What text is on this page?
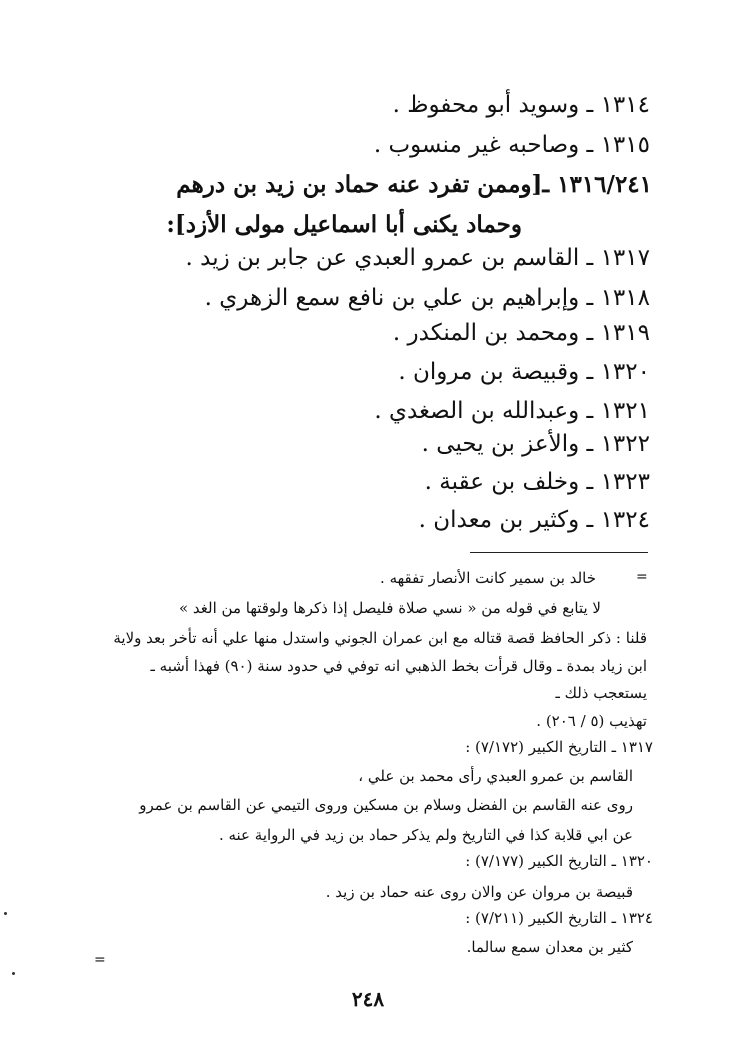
١٣١٤ ـ وسويد أبو محفوظ .
١٣١٥ ـ وصاحبه غير منسوب .
١٣١٦/٢٤١ ـ[وممن تفرد عنه حماد بن زيد بن درهم
وحماد يكنى أبا اسماعيل مولى الأزد]:
١٣١٧ ـ القاسم بن عمرو العبدي عن جابر بن زيد .
١٣١٨ ـ وإبراهيم بن علي بن نافع سمع الزهري .
١٣١٩ ـ ومحمد بن المنكدر .
١٣٢٠ ـ وقبيصة بن مروان .
١٣٢١ ـ وعبدالله بن الصغدي .
١٣٢٢ ـ والأعز بن يحيى .
١٣٢٣ ـ وخلف بن عقبة .
١٣٢٤ ـ وكثير بن معدان .
=
خالد بن سمير كانت الأنصار تفقهه .
لا يتابع في قوله من « نسي صلاة فليصل إذا ذكرها ولوقتها من الغد »
قلنا : ذكر الحافظ قصة قتاله مع ابن عمران الجوني واستدل منها علي أنه تأخر بعد ولاية
ابن زياد بمدة ـ وقال قرأت بخط الذهبي انه توفي في حدود سنة (٩٠) فهذا أشبه ـ
يستعجب ذلك ـ
تهذيب (٥ / ٢٠٦) .
١٣١٧ ـ التاريخ الكبير (٧/١٧٢) :
القاسم بن عمرو العبدي رأى محمد بن علي ،
روى عنه القاسم بن الفضل وسلام بن مسكين وروى التيمي عن القاسم بن عمرو
عن ابي قلابة كذا في التاريخ ولم يذكر حماد بن زيد في الرواية عنه .
١٣٢٠ ـ التاريخ الكبير (٧/١٧٧) :
قبيصة بن مروان عن والان روى عنه حماد بن زيد .
١٣٢٤ ـ التاريخ الكبير (٧/٢١١) :
كثير بن معدان سمع سالما.
=
٢٤٨
